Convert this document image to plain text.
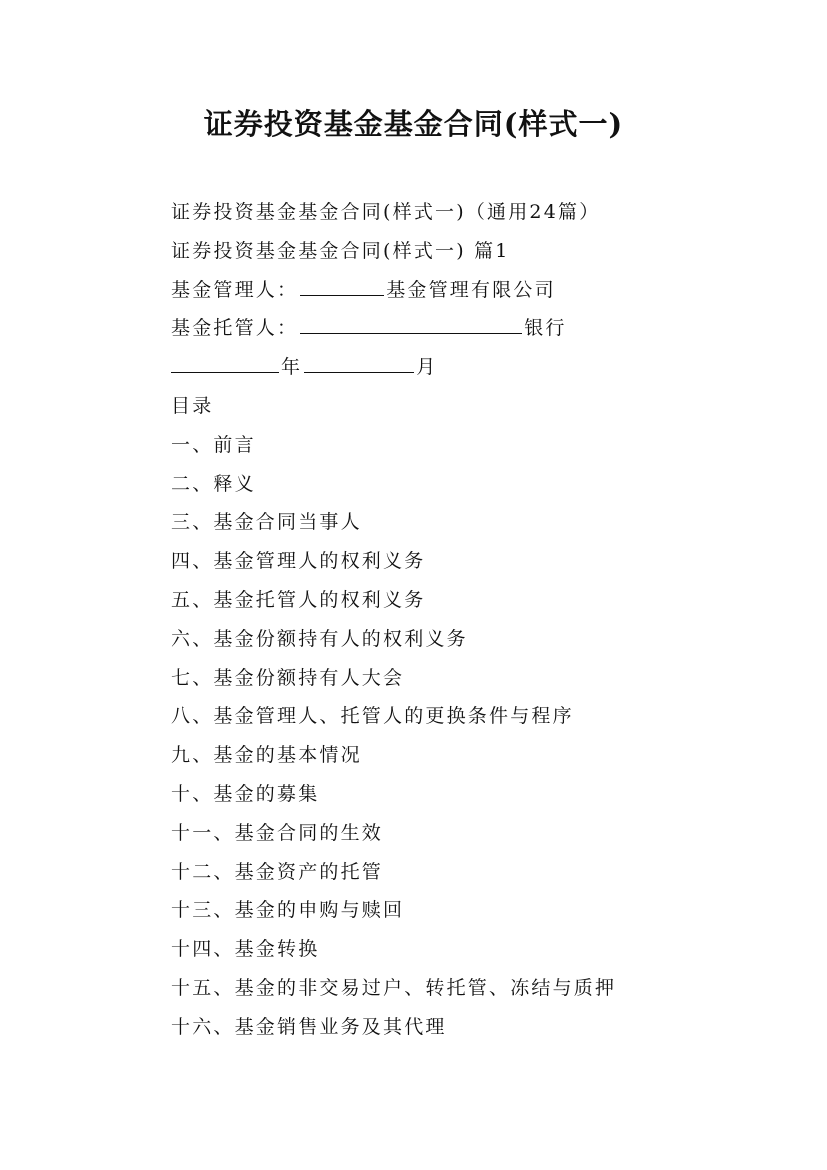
证券投资基金基金合同(样式一)
证券投资基金基金合同(样式一)（通用24篇）
证券投资基金基金合同(样式一) 篇1
基金管理人：	基金管理有限公司
基金托管人：	银行
年	月
目录
一、前言
二、释义
三、基金合同当事人
四、基金管理人的权利义务
五、基金托管人的权利义务
六、基金份额持有人的权利义务
七、基金份额持有人大会
八、基金管理人、托管人的更换条件与程序
九、基金的基本情况
十、基金的募集
十一、基金合同的生效
十二、基金资产的托管
十三、基金的申购与赎回
十四、基金转换
十五、基金的非交易过户、转托管、冻结与质押
十六、基金销售业务及其代理
